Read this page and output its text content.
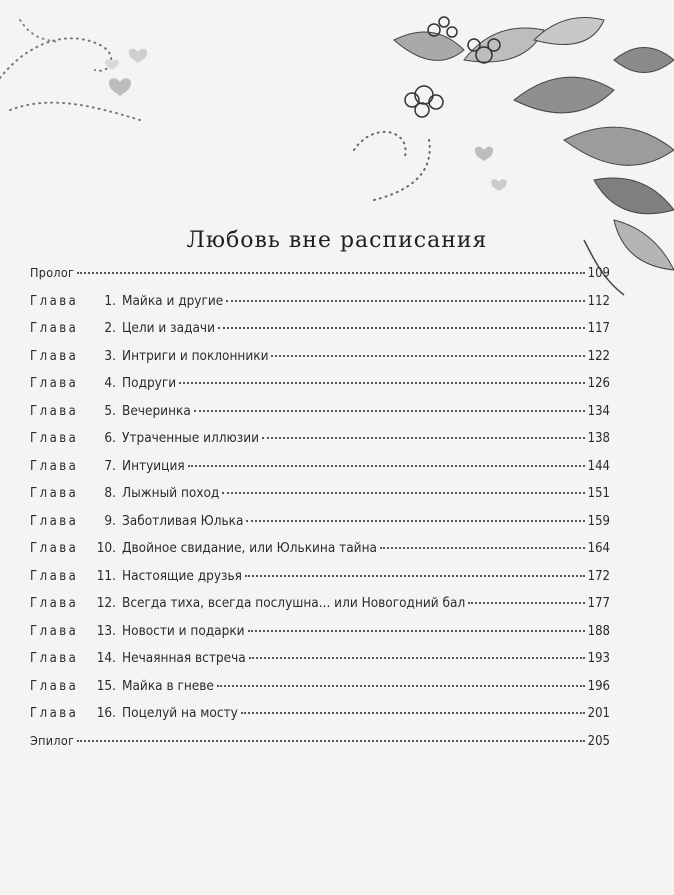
Любовь вне расписания
Пролог	109
Глава	1. Майка и другие	112
Глава	2. Цели и задачи	117
Глава	3. Интриги и поклонники	122
Глава	4. Подруги	126
Глава	5. Вечеринка	134
Глава	6. Утраченные иллюзии	138
Глава	7. Интуиция	144
Глава	8. Лыжный поход	151
Глава	9. Заботливая Юлька	159
Глава	10. Двойное свидание, или Юлькина тайна	164
Глава	11. Настоящие друзья	172
Глава	12. Всегда тиха, всегда послушна... или Новогодний бал	177
Глава	13. Новости и подарки	188
Глава	14. Нечаянная встреча	193
Глава	15. Майка в гневе	196
Глава	16. Поцелуй на мосту	201
Эпилог	205
